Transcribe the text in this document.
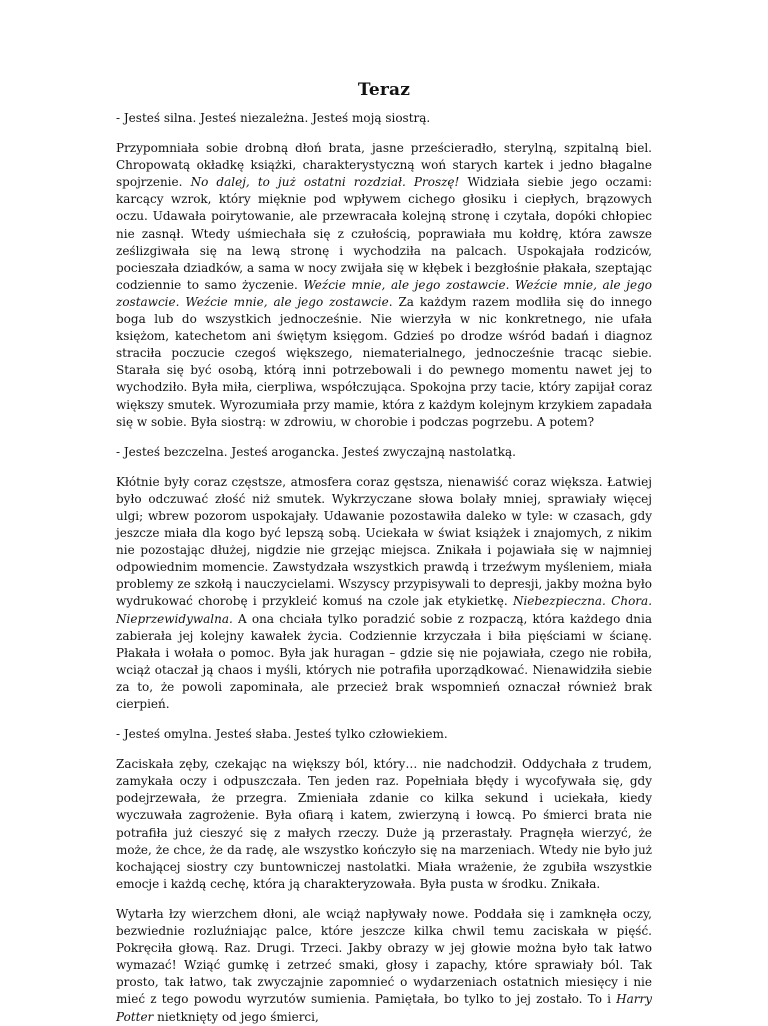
Teraz

- Jesteś silna. Jesteś niezależna. Jesteś moją siostrą.

Przypomniała sobie drobną dłoń brata, jasne prześcieradło, sterylną, szpitalną biel. Chropowatą okładkę książki, charakterystyczną woń starych kartek i jedno błagalne spojrzenie. No dalej, to już ostatni rozdział. Proszę! Widziała siebie jego oczami: karcący wzrok, który mięknie pod wpływem cichego głosiku i ciepłych, brązowych oczu. Udawała poirytowanie, ale przewracała kolejną stronę i czytała, dopóki chłopiec nie zasnął. Wtedy uśmiechała się z czułością, poprawiała mu kołdrę, która zawsze ześlizgiwała się na lewą stronę i wychodziła na palcach. Uspokajała rodziców, pocieszała dziadków, a sama w nocy zwijała się w kłębek i bezgłośnie płakała, szeptając codziennie to samo życzenie. Weźcie mnie, ale jego zostawcie. Weźcie mnie, ale jego zostawcie. Weźcie mnie, ale jego zostawcie. Za każdym razem modliła się do innego boga lub do wszystkich jednocześnie. Nie wierzyła w nic konkretnego, nie ufała księżom, katechetom ani świętym księgom. Gdzieś po drodze wśród badań i diagnoz straciła poczucie czegoś większego, niematerialnego, jednocześnie tracąc siebie. Starała się być osobą, którą inni potrzebowali i do pewnego momentu nawet jej to wychodziło. Była miła, cierpliwa, współczująca. Spokojna przy tacie, który zapijał coraz większy smutek. Wyrozumiała przy mamie, która z każdym kolejnym krzykiem zapadała się w sobie. Była siostrą: w zdrowiu, w chorobie i podczas pogrzebu. A potem?

- Jesteś bezczelna. Jesteś arogancka. Jesteś zwyczajną nastolatką.

Kłótnie były coraz częstsze, atmosfera coraz gęstsza, nienawiść coraz większa. Łatwiej było odczuwać złość niż smutek. Wykrzyczane słowa bolały mniej, sprawiały więcej ulgi; wbrew pozorom uspokajały. Udawanie pozostawiła daleko w tyle: w czasach, gdy jeszcze miała dla kogo być lepszą sobą. Uciekała w świat książek i znajomych, z nikim nie pozostając dłużej, nigdzie nie grzejąc miejsca. Znikała i pojawiała się w najmniej odpowiednim momencie. Zawstydzała wszystkich prawdą i trzeźwym myśleniem, miała problemy ze szkołą i nauczycielami. Wszyscy przypisywali to depresji, jakby można było wydrukować chorobę i przykleić komuś na czole jak etykietkę. Niebezpieczna. Chora. Nieprzewidywalna. A ona chciała tylko poradzić sobie z rozpaczą, która każdego dnia zabierała jej kolejny kawałek życia. Codziennie krzyczała i biła pięściami w ścianę. Płakała i wołała o pomoc. Była jak huragan – gdzie się nie pojawiała, czego nie robiła, wciąż otaczał ją chaos i myśli, których nie potrafiła uporządkować. Nienawidziła siebie za to, że powoli zapominała, ale przecież brak wspomnień oznaczał również brak cierpień.

- Jesteś omylna. Jesteś słaba. Jesteś tylko człowiekiem.

Zaciskała zęby, czekając na większy ból, który… nie nadchodził. Oddychała z trudem, zamykała oczy i odpuszczała. Ten jeden raz. Popełniała błędy i wycofywała się, gdy podejrzewała, że przegra. Zmieniała zdanie co kilka sekund i uciekała, kiedy wyczuwała zagrożenie. Była ofiarą i katem, zwierzyną i łowcą. Po śmierci brata nie potrafiła już cieszyć się z małych rzeczy. Duże ją przerastały. Pragnęła wierzyć, że może, że chce, że da radę, ale wszystko kończyło się na marzeniach. Wtedy nie było już kochającej siostry czy buntowniczej nastolatki. Miała wrażenie, że zgubiła wszystkie emocje i każdą cechę, która ją charakteryzowała. Była pusta w środku. Znikała.

Wytarła łzy wierzchem dłoni, ale wciąż napływały nowe. Poddała się i zamknęła oczy, bezwiednie rozluźniając palce, które jeszcze kilka chwil temu zaciskała w pięść. Pokręciła głową. Raz. Drugi. Trzeci. Jakby obrazy w jej głowie można było tak łatwo wymazać! Wziąć gumkę i zetrzeć smaki, głosy i zapachy, które sprawiały ból. Tak prosto, tak łatwo, tak zwyczajnie zapomnieć o wydarzeniach ostatnich miesięcy i nie mieć z tego powodu wyrzutów sumienia. Pamiętała, bo tylko to jej zostało. To i Harry Potter nietknięty od jego śmierci,
